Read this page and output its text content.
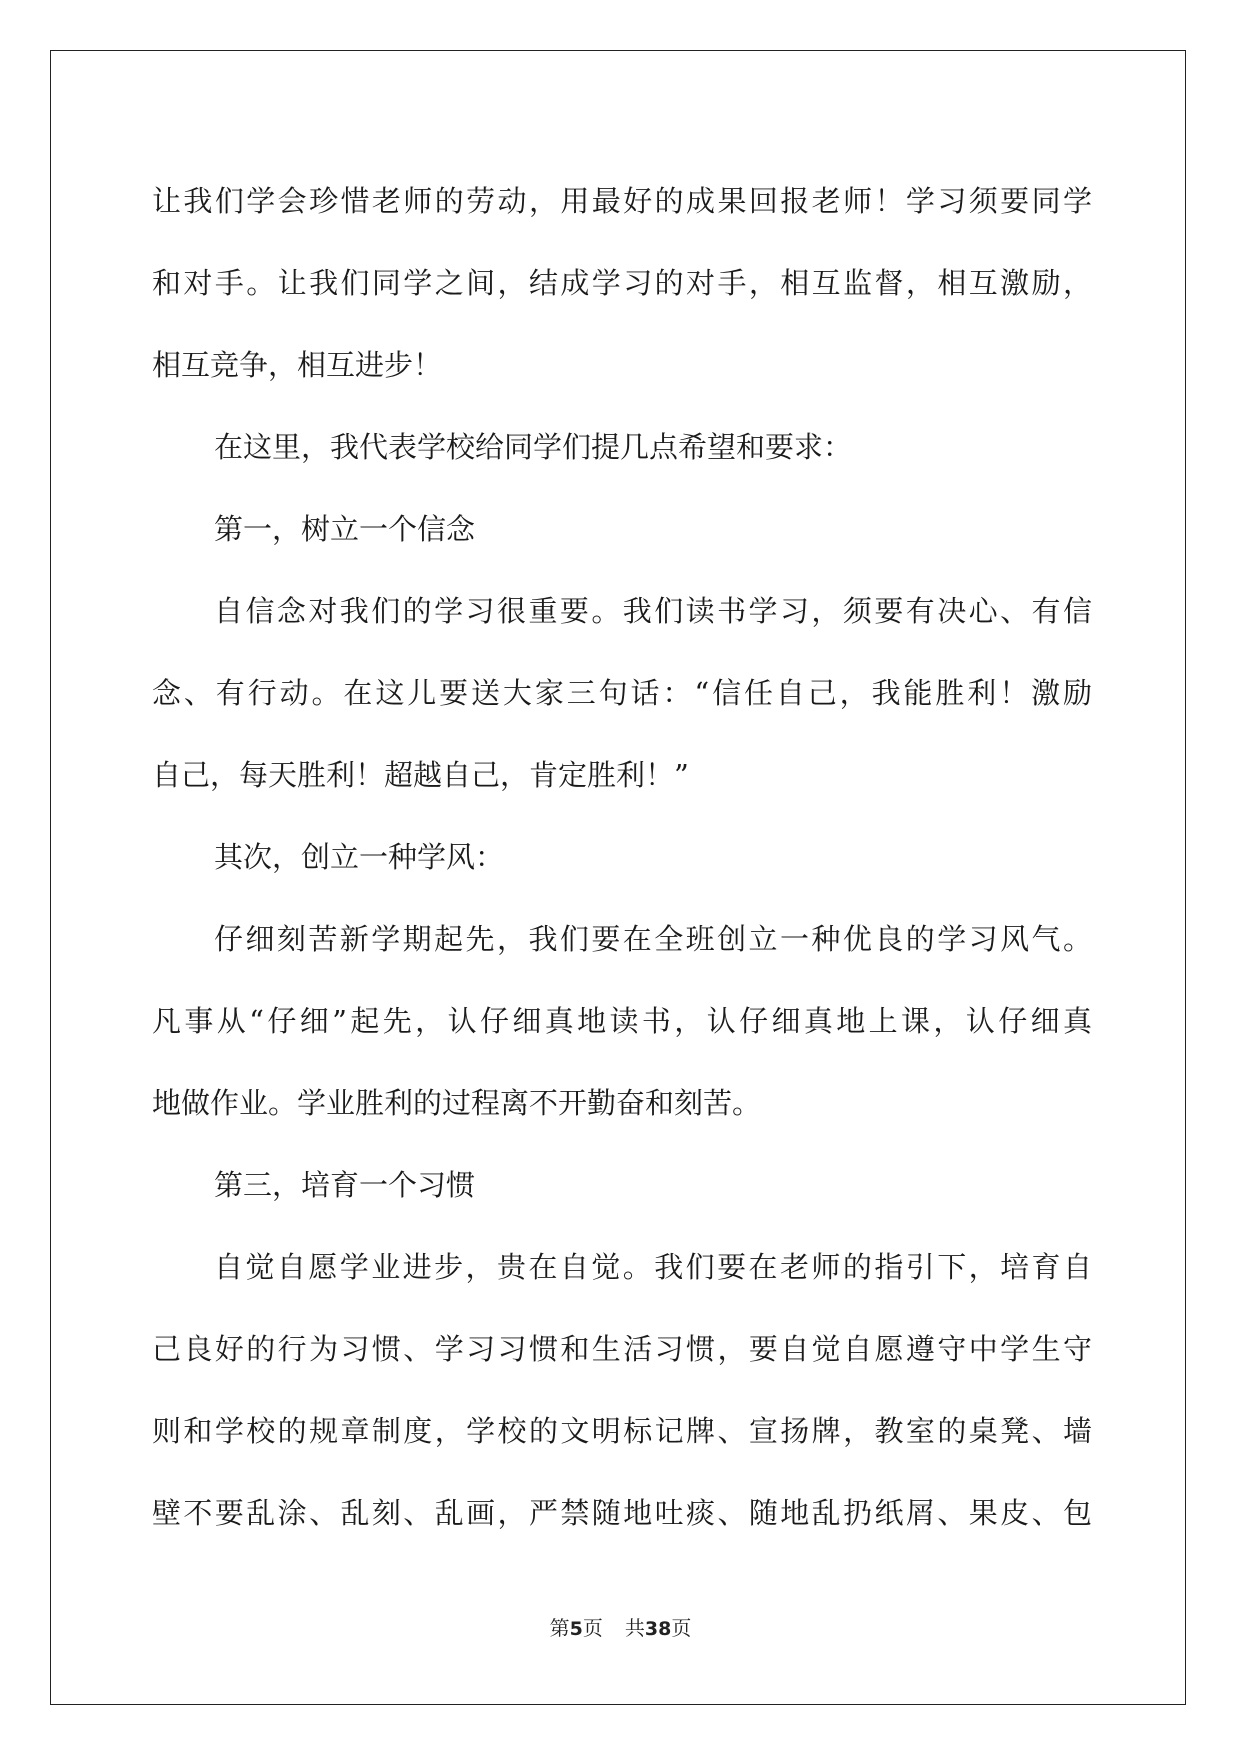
让我们学会珍惜老师的劳动，用最好的成果回报老师！学习须要同学
和对手。让我们同学之间，结成学习的对手，相互监督，相互激励，
相互竞争，相互进步！
在这里，我代表学校给同学们提几点希望和要求：
第一，树立一个信念
自信念对我们的学习很重要。我们读书学习，须要有决心、有信
念、有行动。在这儿要送大家三句话：“信任自己，我能胜利！激励
自己，每天胜利！超越自己，肯定胜利！”
其次，创立一种学风：
仔细刻苦新学期起先，我们要在全班创立一种优良的学习风气。
凡事从“仔细”起先，认仔细真地读书，认仔细真地上课，认仔细真
地做作业。学业胜利的过程离不开勤奋和刻苦。
第三，培育一个习惯
自觉自愿学业进步，贵在自觉。我们要在老师的指引下，培育自
己良好的行为习惯、学习习惯和生活习惯，要自觉自愿遵守中学生守
则和学校的规章制度，学校的文明标记牌、宣扬牌，教室的桌凳、墙
壁不要乱涂、乱刻、乱画，严禁随地吐痰、随地乱扔纸屑、果皮、包
第5页 共38页
